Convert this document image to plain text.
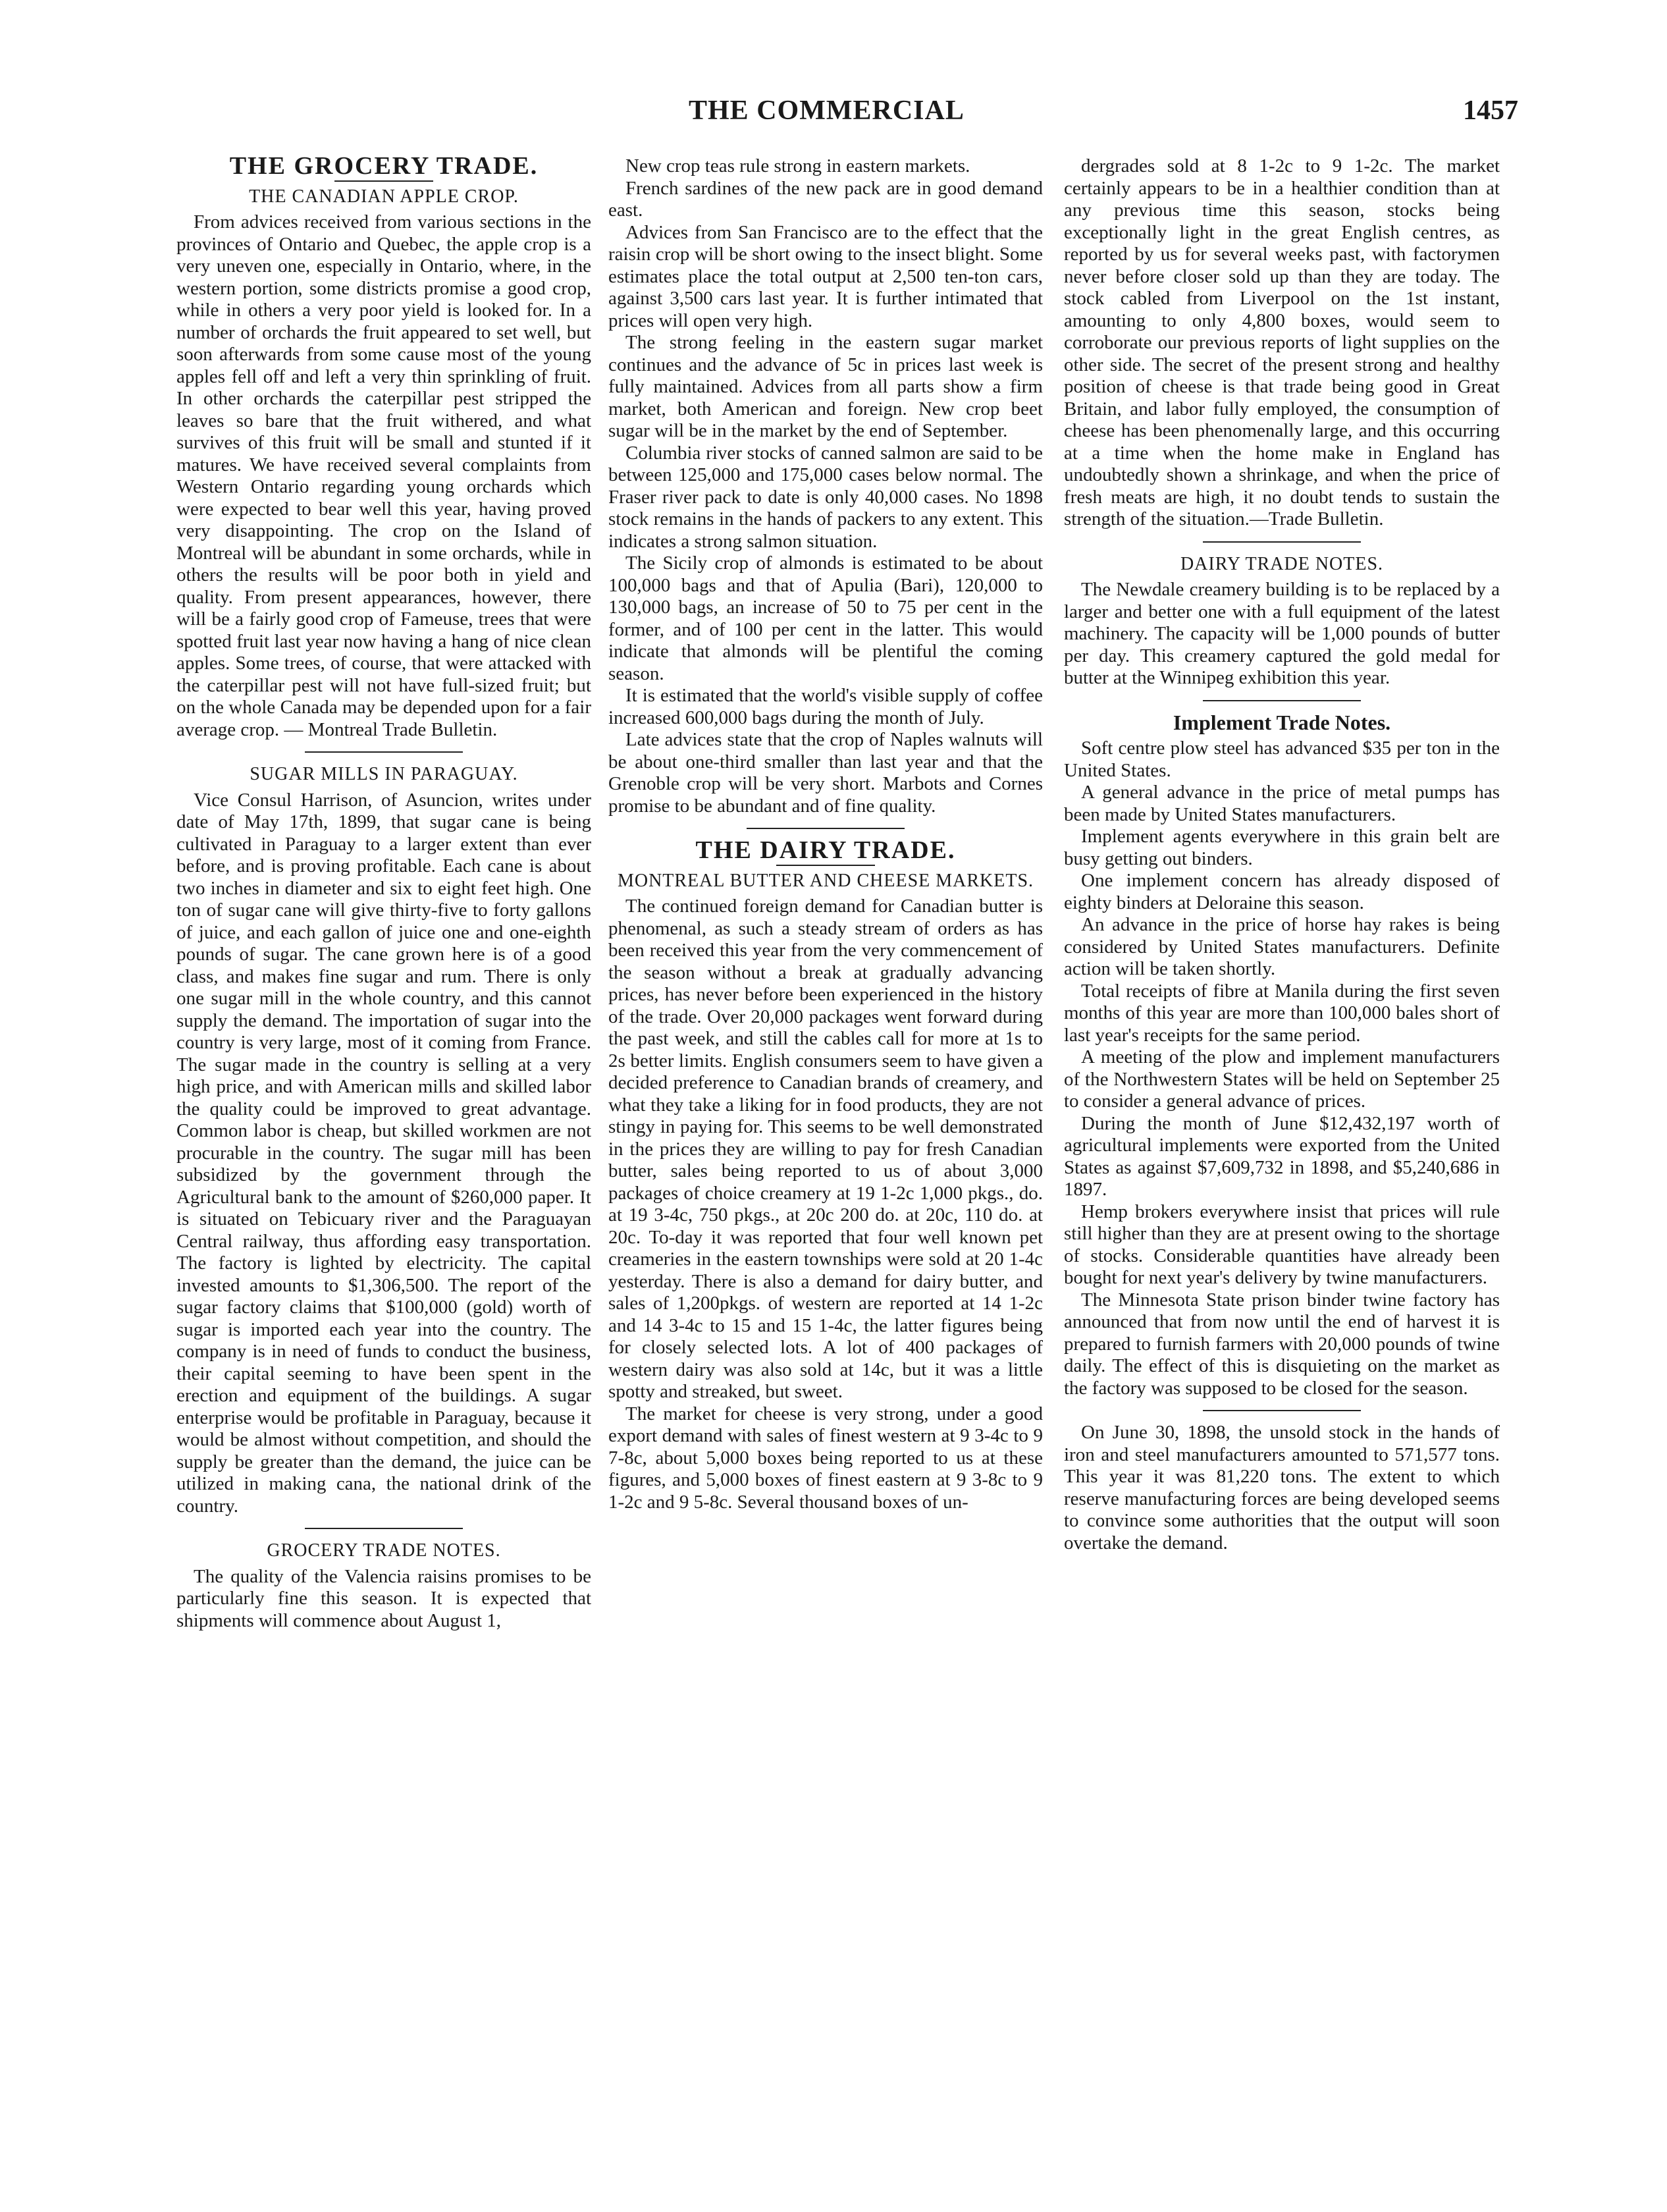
THE COMMERCIAL	1457
THE GROCERY TRADE.
THE CANADIAN APPLE CROP.

From advices received from various sections in the provinces of Ontario and Quebec, the apple crop is a very uneven one, especially in Ontario, where, in the western portion, some districts promise a good crop, while in others a very poor yield is looked for. In a number of orchards the fruit appeared to set well, but soon afterwards from some cause most of the young apples fell off and left a very thin sprinkling of fruit. In other orchards the caterpillar pest stripped the leaves so bare that the fruit withered, and what survives of this fruit will be small and stunted if it matures. We have received several complaints from Western Ontario regarding young orchards which were expected to bear well this year, having proved very disappointing. The crop on the Island of Montreal will be abundant in some orchards, while in others the results will be poor both in yield and quality. From present appearances, however, there will be a fairly good crop of Fameuse, trees that were spotted fruit last year now having a hang of nice clean apples. Some trees, of course, that were attacked with the caterpillar pest will not have full-sized fruit; but on the whole Canada may be depended upon for a fair average crop. — Montreal Trade Bulletin.

SUGAR MILLS IN PARAGUAY.

Vice Consul Harrison, of Asuncion, writes under date of May 17th, 1899, that sugar cane is being cultivated in Paraguay to a larger extent than ever before, and is proving profitable. Each cane is about two inches in diameter and six to eight feet high. One ton of sugar cane will give thirty-five to forty gallons of juice, and each gallon of juice one and one-eighth pounds of sugar. The cane grown here is of a good class, and makes fine sugar and rum. There is only one sugar mill in the whole country, and this cannot supply the demand. The importation of sugar into the country is very large, most of it coming from France. The sugar made in the country is selling at a very high price, and with American mills and skilled labor the quality could be improved to great advantage. Common labor is cheap, but skilled workmen are not procurable in the country. The sugar mill has been subsidized by the government through the Agricultural bank to the amount of $260,000 paper. It is situated on Tebicuary river and the Paraguayan Central railway, thus affording easy transportation. The factory is lighted by electricity. The capital invested amounts to $1,306,500. The report of the sugar factory claims that $100,000 (gold) worth of sugar is imported each year into the country. The company is in need of funds to conduct the business, their capital seeming to have been spent in the erection and equipment of the buildings. A sugar enterprise would be profitable in Paraguay, because it would be almost without competition, and should the supply be greater than the demand, the juice can be utilized in making cana, the national drink of the country.

GROCERY TRADE NOTES.

The quality of the Valencia raisins promises to be particularly fine this season. It is expected that shipments will commence about August 1,

New crop teas rule strong in eastern markets.

French sardines of the new pack are in good demand east.

Advices from San Francisco are to the effect that the raisin crop will be short owing to the insect blight. Some estimates place the total output at 2,500 ten-ton cars, against 3,500 cars last year. It is further intimated that prices will open very high.

The strong feeling in the eastern sugar market continues and the advance of 5c in prices last week is fully maintained. Advices from all parts show a firm market, both American and foreign. New crop beet sugar will be in the market by the end of September.

Columbia river stocks of canned salmon are said to be between 125,000 and 175,000 cases below normal. The Fraser river pack to date is only 40,000 cases. No 1898 stock remains in the hands of packers to any extent. This indicates a strong salmon situation.

The Sicily crop of almonds is estimated to be about 100,000 bags and that of Apulia (Bari), 120,000 to 130,000 bags, an increase of 50 to 75 per cent in the former, and of 100 per cent in the latter. This would indicate that almonds will be plentiful the coming season.

It is estimated that the world's visible supply of coffee increased 600,000 bags during the month of July.

Late advices state that the crop of Naples walnuts will be about one-third smaller than last year and that the Grenoble crop will be very short. Marbots and Cornes promise to be abundant and of fine quality.

THE DAIRY TRADE.
MONTREAL BUTTER AND CHEESE MARKETS.

The continued foreign demand for Canadian butter is phenomenal, as such a steady stream of orders as has been received this year from the very commencement of the season without a break at gradually advancing prices, has never before been experienced in the history of the trade. Over 20,000 packages went forward during the past week, and still the cables call for more at 1s to 2s better limits. English consumers seem to have given a decided preference to Canadian brands of creamery, and what they take a liking for in food products, they are not stingy in paying for. This seems to be well demonstrated in the prices they are willing to pay for fresh Canadian butter, sales being reported to us of about 3,000 packages of choice creamery at 19 1-2c 1,000 pkgs., do. at 19 3-4c, 750 pkgs., at 20c 200 do. at 20c, 110 do. at 20c. To-day it was reported that four well known pet creameries in the eastern townships were sold at 20 1-4c yesterday. There is also a demand for dairy butter, and sales of 1,200pkgs. of western are reported at 14 1-2c and 14 3-4c to 15 and 15 1-4c, the latter figures being for closely selected lots. A lot of 400 packages of western dairy was also sold at 14c, but it was a little spotty and streaked, but sweet.

The market for cheese is very strong, under a good export demand with sales of finest western at 9 3-4c to 9 7-8c, about 5,000 boxes being reported to us at these figures, and 5,000 boxes of finest eastern at 9 3-8c to 9 1-2c and 9 5-8c. Several thousand boxes of un-

dergrades sold at 8 1-2c to 9 1-2c. The market certainly appears to be in a healthier condition than at any previous time this season, stocks being exceptionally light in the great English centres, as reported by us for several weeks past, with factorymen never before closer sold up than they are today. The stock cabled from Liverpool on the 1st instant, amounting to only 4,800 boxes, would seem to corroborate our previous reports of light supplies on the other side. The secret of the present strong and healthy position of cheese is that trade being good in Great Britain, and labor fully employed, the consumption of cheese has been phenomenally large, and this occurring at a time when the home make in England has undoubtedly shown a shrinkage, and when the price of fresh meats are high, it no doubt tends to sustain the strength of the situation.—Trade Bulletin.

DAIRY TRADE NOTES.

The Newdale creamery building is to be replaced by a larger and better one with a full equipment of the latest machinery. The capacity will be 1,000 pounds of butter per day. This creamery captured the gold medal for butter at the Winnipeg exhibition this year.

Implement Trade Notes.

Soft centre plow steel has advanced $35 per ton in the United States.

A general advance in the price of metal pumps has been made by United States manufacturers.

Implement agents everywhere in this grain belt are busy getting out binders.

One implement concern has already disposed of eighty binders at Deloraine this season.

An advance in the price of horse hay rakes is being considered by United States manufacturers. Definite action will be taken shortly.

Total receipts of fibre at Manila during the first seven months of this year are more than 100,000 bales short of last year's receipts for the same period.

A meeting of the plow and implement manufacturers of the Northwestern States will be held on September 25 to consider a general advance of prices.

During the month of June $12,432,197 worth of agricultural implements were exported from the United States as against $7,609,732 in 1898, and $5,240,686 in 1897.

Hemp brokers everywhere insist that prices will rule still higher than they are at present owing to the shortage of stocks. Considerable quantities have already been bought for next year's delivery by twine manufacturers.

The Minnesota State prison binder twine factory has announced that from now until the end of harvest it is prepared to furnish farmers with 20,000 pounds of twine daily. The effect of this is disquieting on the market as the factory was supposed to be closed for the season.

On June 30, 1898, the unsold stock in the hands of iron and steel manufacturers amounted to 571,577 tons. This year it was 81,220 tons. The extent to which reserve manufacturing forces are being developed seems to convince some authorities that the output will soon overtake the demand.
